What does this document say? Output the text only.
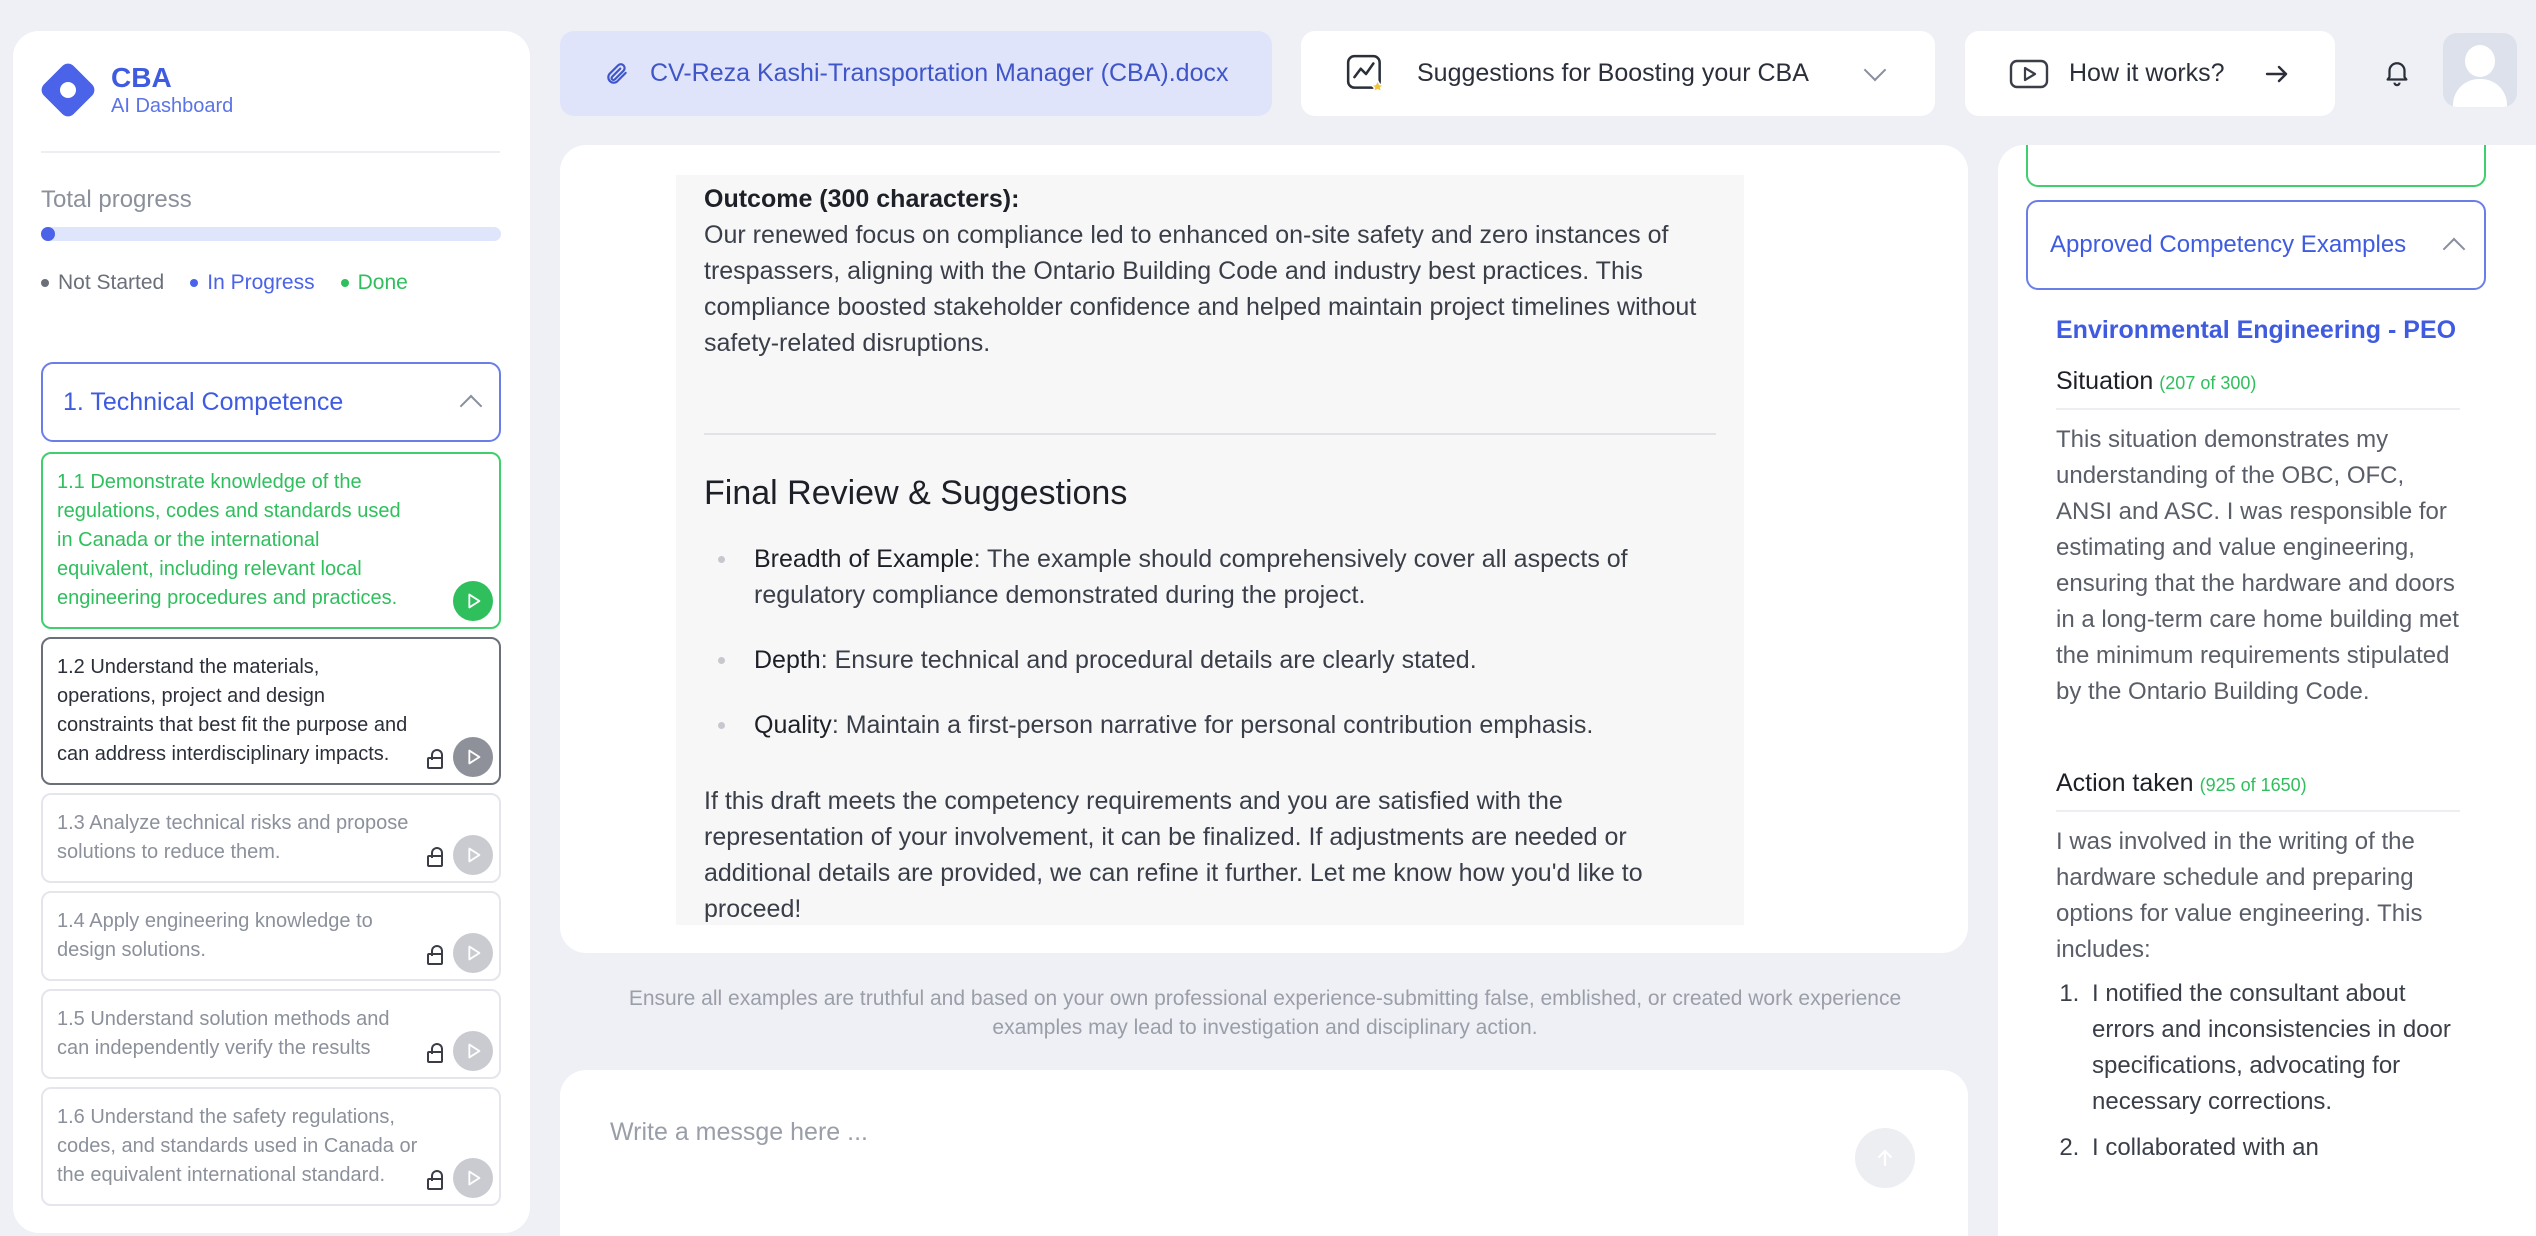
CBA
AI Dashboard
Total progress
Not Started In Progress Done
1. Technical Competence
1.1 Demonstrate knowledge of the regulations, codes and standards used in Canada or the international equivalent, including relevant local engineering procedures and practices.
1.2 Understand the materials, operations, project and design constraints that best fit the purpose and can address interdisciplinary impacts.
1.3 Analyze technical risks and propose solutions to reduce them.
1.4 Apply engineering knowledge to design solutions.
1.5 Understand solution methods and can independently verify the results
1.6 Understand the safety regulations, codes, and standards used in Canada or the equivalent international standard.
CV-Reza Kashi-Transportation Manager (CBA).docx	Suggestions for Boosting your CBA	How it works?
Outcome (300 characters):
Our renewed focus on compliance led to enhanced on-site safety and zero instances of trespassers, aligning with the Ontario Building Code and industry best practices. This compliance boosted stakeholder confidence and helped maintain project timelines without safety-related disruptions.
Final Review & Suggestions
Breadth of Example: The example should comprehensively cover all aspects of regulatory compliance demonstrated during the project.
Depth: Ensure technical and procedural details are clearly stated.
Quality: Maintain a first-person narrative for personal contribution emphasis.
If this draft meets the competency requirements and you are satisfied with the representation of your involvement, it can be finalized. If adjustments are needed or additional details are provided, we can refine it further. Let me know how you'd like to proceed!
Ensure all examples are truthful and based on your own professional experience-submitting false, emblished, or created work experience examples may lead to investigation and disciplinary action.
Write a messge here ...
Approved Competency Examples
Environmental Engineering - PEO
Situation (207 of 300)
This situation demonstrates my understanding of the OBC, OFC, ANSI and ASC. I was responsible for estimating and value engineering, ensuring that the hardware and doors in a long-term care home building met the minimum requirements stipulated by the Ontario Building Code.
Action taken (925 of 1650)
I was involved in the writing of the hardware schedule and preparing options for value engineering. This includes:
1. I notified the consultant about errors and inconsistencies in door specifications, advocating for necessary corrections.
2. I collaborated with an
